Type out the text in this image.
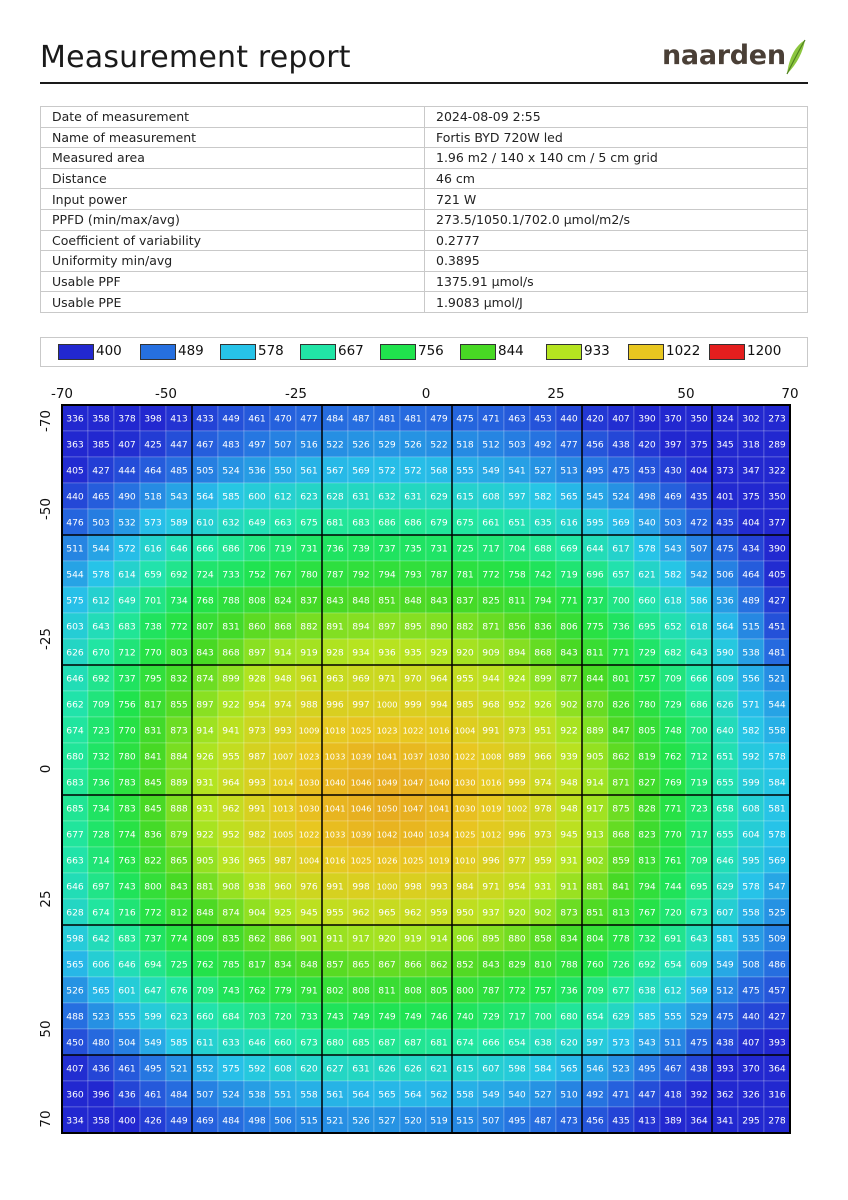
Measurement report	naarden
Date of measurement	2024-08-09 2:55
Name of measurement	Fortis BYD 720W led
Measured area	1.96 m2 / 140 x 140 cm / 5 cm grid
Distance	46 cm
Input power	721 W
PPFD (min/max/avg)	273.5/1050.1/702.0 µmol/m2/s
Coefficient of variability	0.2777
Uniformity min/avg	0.3895
Usable PPF	1375.91 µmol/s
Usable PPE	1.9083 µmol/J
400	489	578	667	756	844	933	1022	1200
336 358 378 398 413 433 449 461 470 477 484 487 481 481 479 475 471 463 453 440 420 407 390 370 350 324 302 273
363 385 407 425 447 467 483 497 507 516 522 526 529 526 522 518 512 503 492 477 456 438 420 397 375 345 318 289
405 427 444 464 485 505 524 536 550 561 567 569 572 572 568 555 549 541 527 513 495 475 453 430 404 373 347 322
440 465 490 518 543 564 585 600 612 623 628 631 632 631 629 615 608 597 582 565 545 524 498 469 435 401 375 350
476 503 532 573 589 610 632 649 663 675 681 683 686 686 679 675 661 651 635 616 595 569 540 503 472 435 404 377
511 544 572 616 646 666 686 706 719 731 736 739 737 735 731 725 717 704 688 669 644 617 578 543 507 475 434 390
544 578 614 659 692 724 733 752 767 780 787 792 794 793 787 781 772 758 742 719 696 657 621 582 542 506 464 405
575 612 649 701 734 768 788 808 824 837 843 848 851 848 843 837 825 811 794 771 737 700 660 618 586 536 489 427
603 643 683 738 772 807 831 860 868 882 891 894 897 895 890 882 871 856 836 806 775 736 695 652 618 564 515 451
626 670 712 770 803 843 868 897 914 919 928 934 936 935 929 920 909 894 868 843 811 771 729 682 643 590 538 481
646 692 737 795 832 874 899 928 948 961 963 969 971 970 964 955 944 924 899 877 844 801 757 709 666 609 556 521
662 709 756 817 855 897 922 954 974 988 996 997 1000 999 994 985 968 952 926 902 870 826 780 729 686 626 571 544
674 723 770 831 873 914 941 973 993 1009 1018 1025 1023 1022 1016 1004 991 973 951 922 889 847 805 748 700 640 582 558
680 732 780 841 884 926 955 987 1007 1023 1033 1039 1041 1037 1030 1022 1008 989 966 939 905 862 819 762 712 651 592 578
683 736 783 845 889 931 964 993 1014 1030 1040 1046 1049 1047 1040 1030 1016 999 974 948 914 871 827 769 719 655 599 584
685 734 783 845 888 931 962 991 1013 1030 1041 1046 1050 1047 1041 1030 1019 1002 978 948 917 875 828 771 723 658 608 581
677 728 774 836 879 922 952 982 1005 1022 1033 1039 1042 1040 1034 1025 1012 996 973 945 913 868 823 770 717 655 604 578
663 714 763 822 865 905 936 965 987 1004 1016 1025 1026 1025 1019 1010 996 977 959 931 902 859 813 761 709 646 595 569
646 697 743 800 843 881 908 938 960 976 991 998 1000 998 993 984 971 954 931 911 881 841 794 744 695 629 578 547
628 674 716 772 812 848 874 904 925 945 955 962 965 962 959 950 937 920 902 873 851 813 767 720 673 607 558 525
598 642 683 737 774 809 835 862 886 901 911 917 920 919 914 906 895 880 858 834 804 778 732 691 643 581 535 509
565 606 646 694 725 762 785 817 834 848 857 865 867 866 862 852 843 829 810 788 760 726 692 654 609 549 508 486
526 565 601 647 676 709 743 762 779 791 802 808 811 808 805 800 787 772 757 736 709 677 638 612 569 512 475 457
488 523 555 599 623 660 684 703 720 733 743 749 749 749 746 740 729 717 700 680 654 629 585 555 529 475 440 427
450 480 504 549 585 611 633 646 660 673 680 685 687 687 681 674 666 654 638 620 597 573 543 511 475 438 407 393
407 436 461 495 521 552 575 592 608 620 627 631 626 626 621 615 607 598 584 565 546 523 495 467 438 393 370 364
360 396 436 461 484 507 524 538 551 558 561 564 565 564 562 558 549 540 527 510 492 471 447 418 392 362 326 316
334 358 400 426 449 469 484 498 506 515 521 526 527 520 519 515 507 495 487 473 456 435 413 389 364 341 295 278
-70	-50	-25	0	25	50	70
-70
-50
-25
0
25
50
70
